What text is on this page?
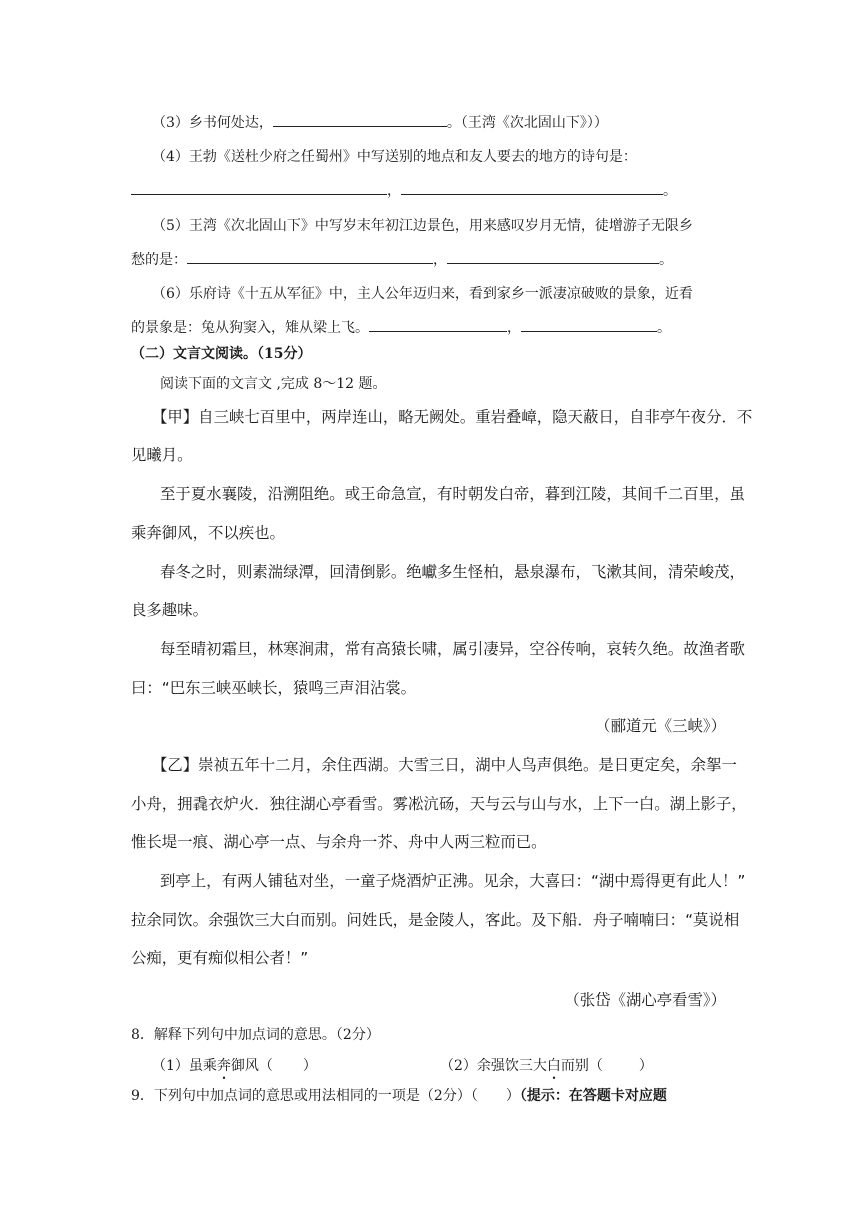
（3）乡书何处达，	。（王湾《次北固山下》））
（4）王勃《送杜少府之任蜀州》中写送别的地点和友人要去的地方的诗句是：
，	。
（5）王湾《次北固山下》中写岁末年初江边景色，用来感叹岁月无情，徒增游子无限乡
愁的是：	，	。
（6）乐府诗《十五从军征》中，主人公年迈归来，看到家乡一派凄凉破败的景象，近看
的景象是：兔从狗窦入，雉从梁上飞。	，	。
（二）文言文阅读。（15分）
阅读下面的文言文 ,完成 8～12 题。
【甲】自三峡七百里中，两岸连山，略无阙处。重岩叠嶂，隐天蔽日，自非亭午夜分．不
见曦月。
至于夏水襄陵，沿溯阻绝。或王命急宣，有时朝发白帝，暮到江陵，其间千二百里，虽
乘奔御风，不以疾也。
春冬之时，则素湍绿潭，回清倒影。绝巘多生怪柏，悬泉瀑布，飞漱其间，清荣峻茂，
良多趣味。
每至晴初霜旦，林寒涧肃，常有高猿长啸，属引凄异，空谷传响，哀转久绝。故渔者歌
曰：“巴东三峡巫峡长，猿鸣三声泪沾裳。
（郦道元《三峡》）
【乙】崇祯五年十二月，余住西湖。大雪三日，湖中人鸟声俱绝。是日更定矣，余挐一
小舟，拥毳衣炉火．独往湖心亭看雪。雾凇沆砀，天与云与山与水，上下一白。湖上影子，
惟长堤一痕、湖心亭一点、与余舟一芥、舟中人两三粒而已。
到亭上，有两人铺毡对坐，一童子烧酒炉正沸。见余，大喜曰：“湖中焉得更有此人！”
拉余同饮。余强饮三大白而别。问姓氏，是金陵人，客此。及下船．舟子喃喃曰：“莫说相
公痴，更有痴似相公者！”
（张岱《湖心亭看雪》）
8．解释下列句中加点词的意思。（2分）
（1）虽乘奔御风（ ）	（2）余强饮三大白而别（	）
9．下列句中加点词的意思或用法相同的一项是（2分）（　　）（提示：在答题卡对应题
